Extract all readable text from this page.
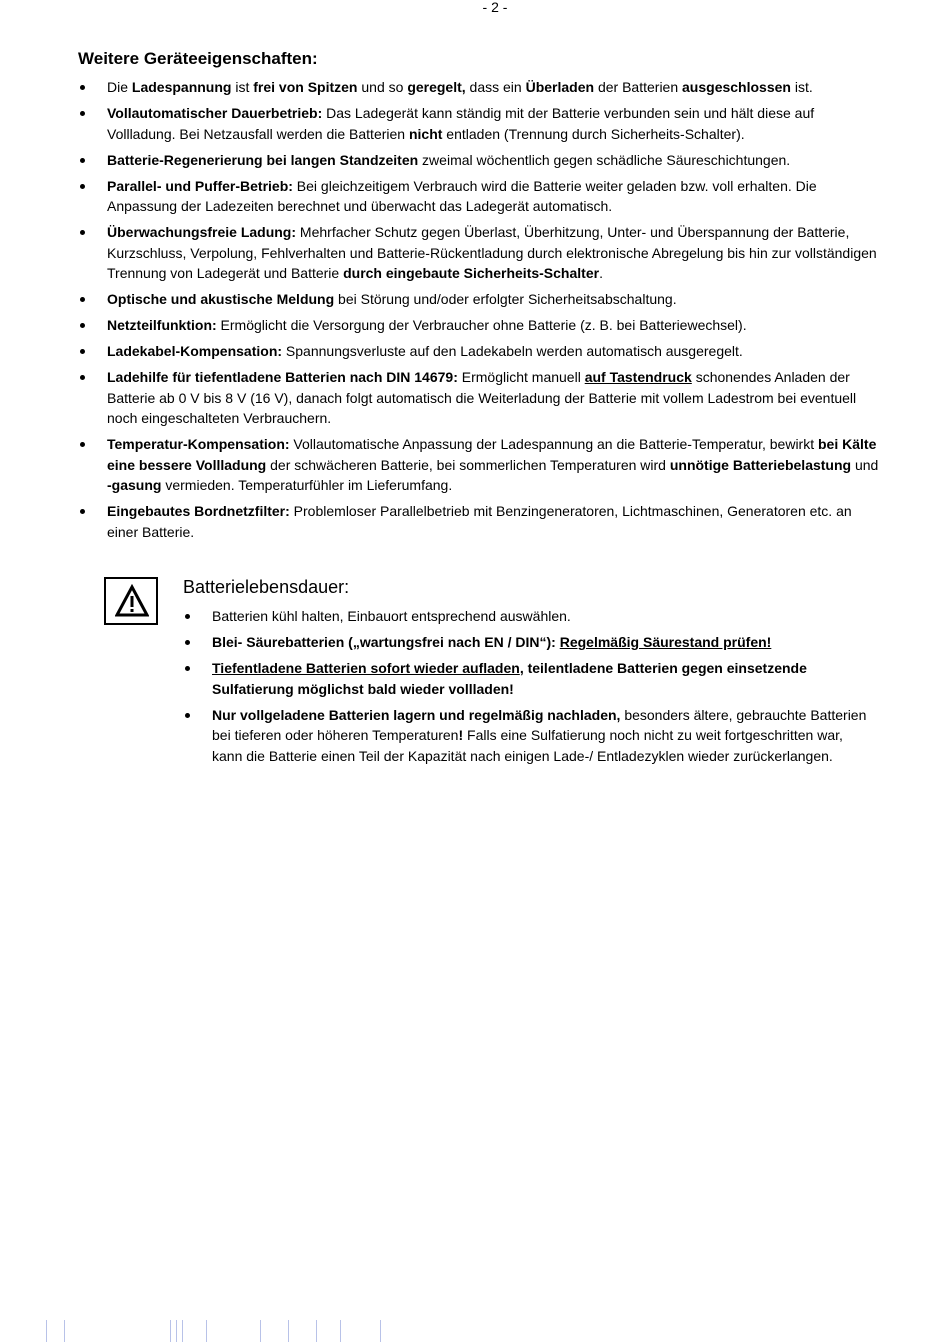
- 2 -
Weitere Geräteeigenschaften:
Die Ladespannung ist frei von Spitzen und so geregelt, dass ein Überladen der Batterien ausgeschlossen ist.
Vollautomatischer Dauerbetrieb: Das Ladegerät kann ständig mit der Batterie verbunden sein und hält diese auf Vollladung. Bei Netzausfall werden die Batterien nicht entladen (Trennung durch Sicherheits-Schalter).
Batterie-Regenerierung bei langen Standzeiten zweimal wöchentlich gegen schädliche Säureschichtungen.
Parallel- und Puffer-Betrieb: Bei gleichzeitigem Verbrauch wird die Batterie weiter geladen bzw. voll erhalten. Die Anpassung der Ladezeiten berechnet und überwacht das Ladegerät automatisch.
Überwachungsfreie Ladung: Mehrfacher Schutz gegen Überlast, Überhitzung, Unter- und Überspannung der Batterie, Kurzschluss, Verpolung, Fehlverhalten und Batterie-Rückentladung durch elektronische Abregelung bis hin zur vollständigen Trennung von Ladegerät und Batterie durch eingebaute Sicherheits-Schalter.
Optische und akustische Meldung bei Störung und/oder erfolgter Sicherheitsabschaltung.
Netzteilfunktion: Ermöglicht die Versorgung der Verbraucher ohne Batterie (z. B. bei Batteriewechsel).
Ladekabel-Kompensation: Spannungsverluste auf den Ladekabeln werden automatisch ausgeregelt.
Ladehilfe für tiefentladene Batterien nach DIN 14679: Ermöglicht manuell auf Tastendruck schonendes Anladen der Batterie ab 0 V bis 8 V (16 V), danach folgt automatisch die Weiterladung der Batterie mit vollem Ladestrom bei eventuell noch eingeschalteten Verbrauchern.
Temperatur-Kompensation: Vollautomatische Anpassung der Ladespannung an die Batterie-Temperatur, bewirkt bei Kälte eine bessere Vollladung der schwächeren Batterie, bei sommerlichen Temperaturen wird unnötige Batteriebelastung und -gasung vermieden. Temperaturfühler im Lieferumfang.
Eingebautes Bordnetzfilter: Problemloser Parallelbetrieb mit Benzingeneratoren, Lichtmaschinen, Generatoren etc. an einer Batterie.
Batterielebensdauer:
Batterien kühl halten, Einbauort entsprechend auswählen.
Blei- Säurebatterien („wartungsfrei nach EN / DIN“): Regelmäßig Säurestand prüfen!
Tiefentladene Batterien sofort wieder aufladen, teilentladene Batterien gegen einsetzende Sulfatierung möglichst bald wieder vollladen!
Nur vollgeladene Batterien lagern und regelmäßig nachladen, besonders ältere, gebrauchte Batterien bei tieferen oder höheren Temperaturen! Falls eine Sulfatierung noch nicht zu weit fortgeschritten war, kann die Batterie einen Teil der Kapazität nach einigen Lade-/ Entladezyklen wieder zurückerlangen.
